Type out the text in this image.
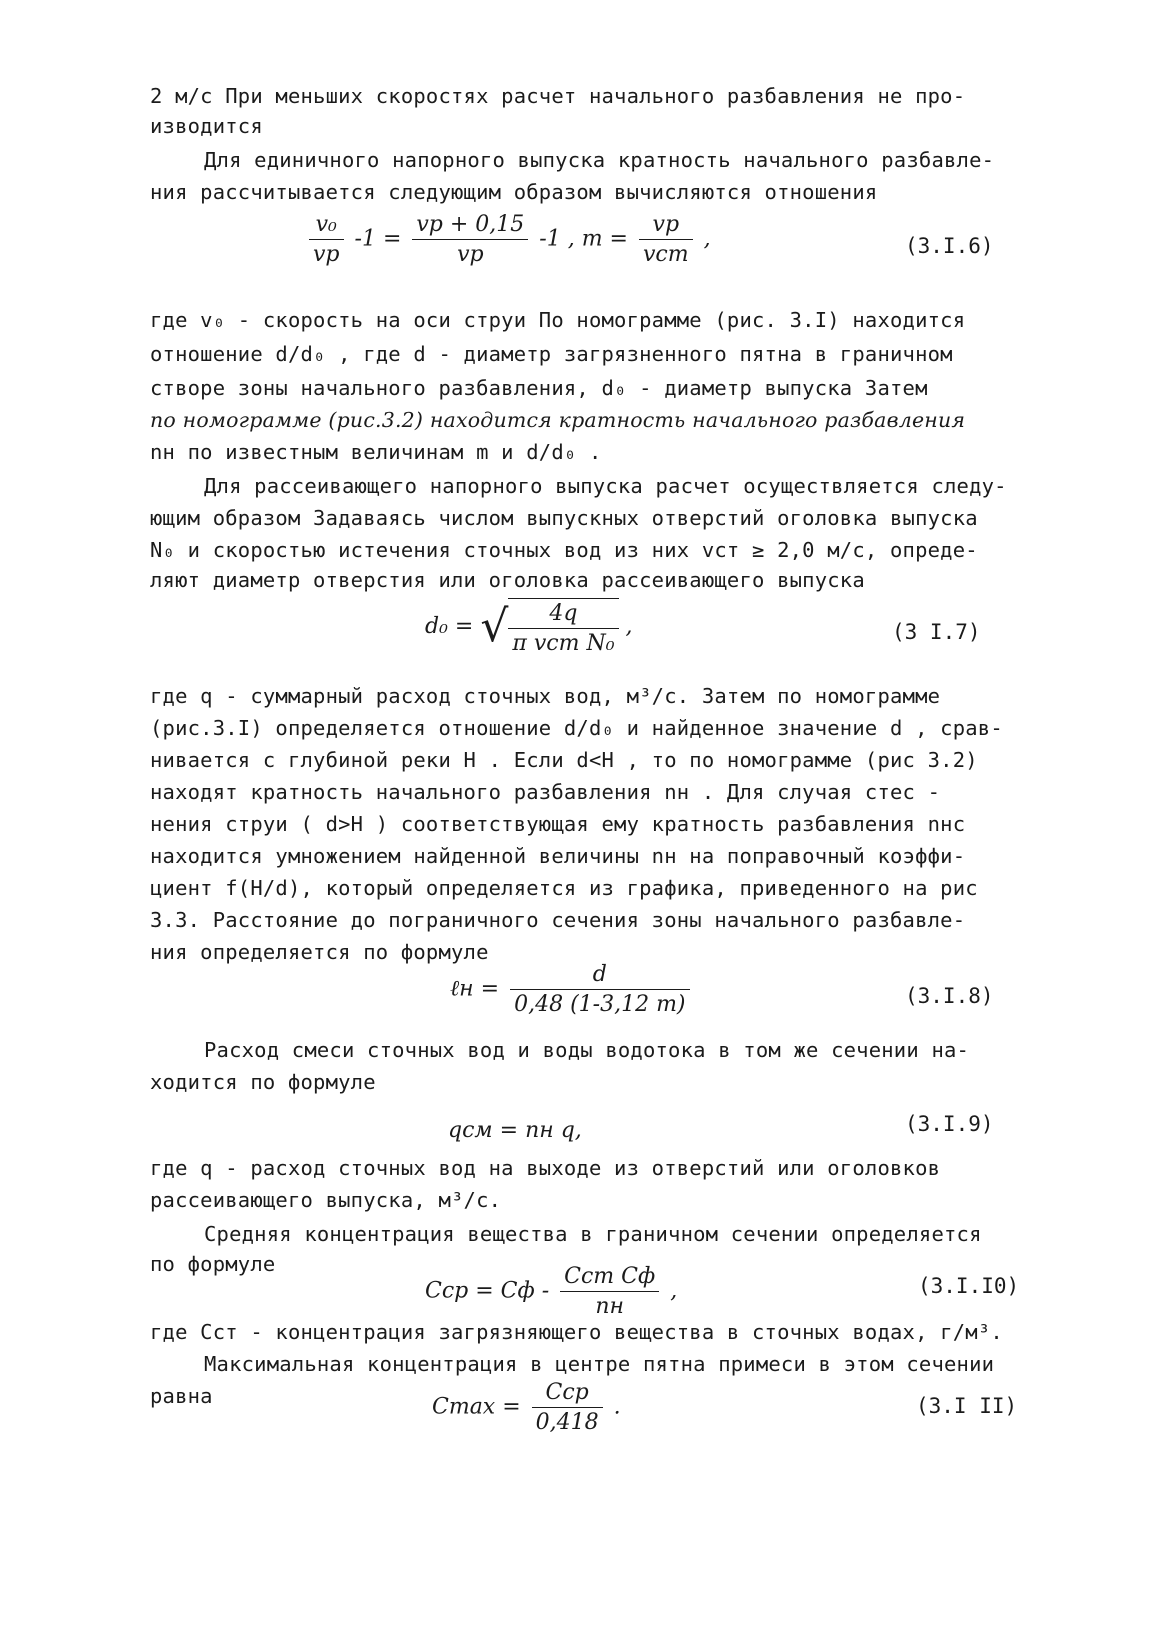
2 м/с При меньших скоростях расчет начального разбавления не про-
изводится
Для единичного напорного выпуска кратность начального разбавле-
ния рассчитывается следующим образом вычисляются отношения
$\frac{\text{v₀}}{vр} -1 = \frac{vр + 0,15}{vр} -1$ , $m = \frac{vр}{\text{vст}}$ ,	(3.I.6)
где v₀ - скорость на оси струи По номограмме (рис. 3.I) находится
отношение d/d₀ , где d - диаметр загрязненного пятна в граничном
створе зоны начального разбавления, d₀ - диаметр выпуска Затем
по номограмме (рис.3.2) находится кратность начального разбавления
nн по известным величинам m и d/d₀ .
Для рассеивающего напорного выпуска расчет осуществляется следу-
ющим образом Задаваясь числом выпускных отверстий оголовка выпуска
N₀ и скоростью истечения сточных вод из них vст ≥ 2,0 м/с, опреде-
ляют диаметр отверстия или оголовка рассеивающего выпуска
d₀ = √ $\frac{4q}{\text{π vст N₀}}$ ,	(3 I.7)
где q - суммарный расход сточных вод, м³/с. Затем по номограмме
(рис.3.I) определяется отношение d/d₀ и найденное значение d , срав-
нивается с глубиной реки H . Если d<H , то по номограмме (рис 3.2)
находят кратность начального разбавления nн . Для случая стес -
нения струи ( d>H ) соответствующая ему кратность разбавления nнс
находится умножением найденной величины nн на поправочный коэффи-
циент f(H/d), который определяется из графика, приведенного на рис
3.3. Расстояние до пограничного сечения зоны начального разбавле-
ния определяется по формуле
ℓн = $\frac{d}{0,48 (1-3,12 m)}$	(3.I.8)
Расход смеси сточных вод и воды водотока в том же сечении на-
ходится по формуле
qсм = nн q,	(3.I.9)
где q - расход сточных вод на выходе из отверстий или оголовков
рассеивающего выпуска, м³/с.
Средняя концентрация вещества в граничном сечении определяется
по формуле
Cср = Cф - $\frac{\text{Cст Cф}}{nн}$ ,	(3.I.I0)
где Cст - концентрация загрязняющего вещества в сточных водах, г/м³.
Максимальная концентрация в центре пятна примеси в этом сечении
равна	$Cmax = \frac{\text{Cср}}{0,418}$ .	(3.I II)
